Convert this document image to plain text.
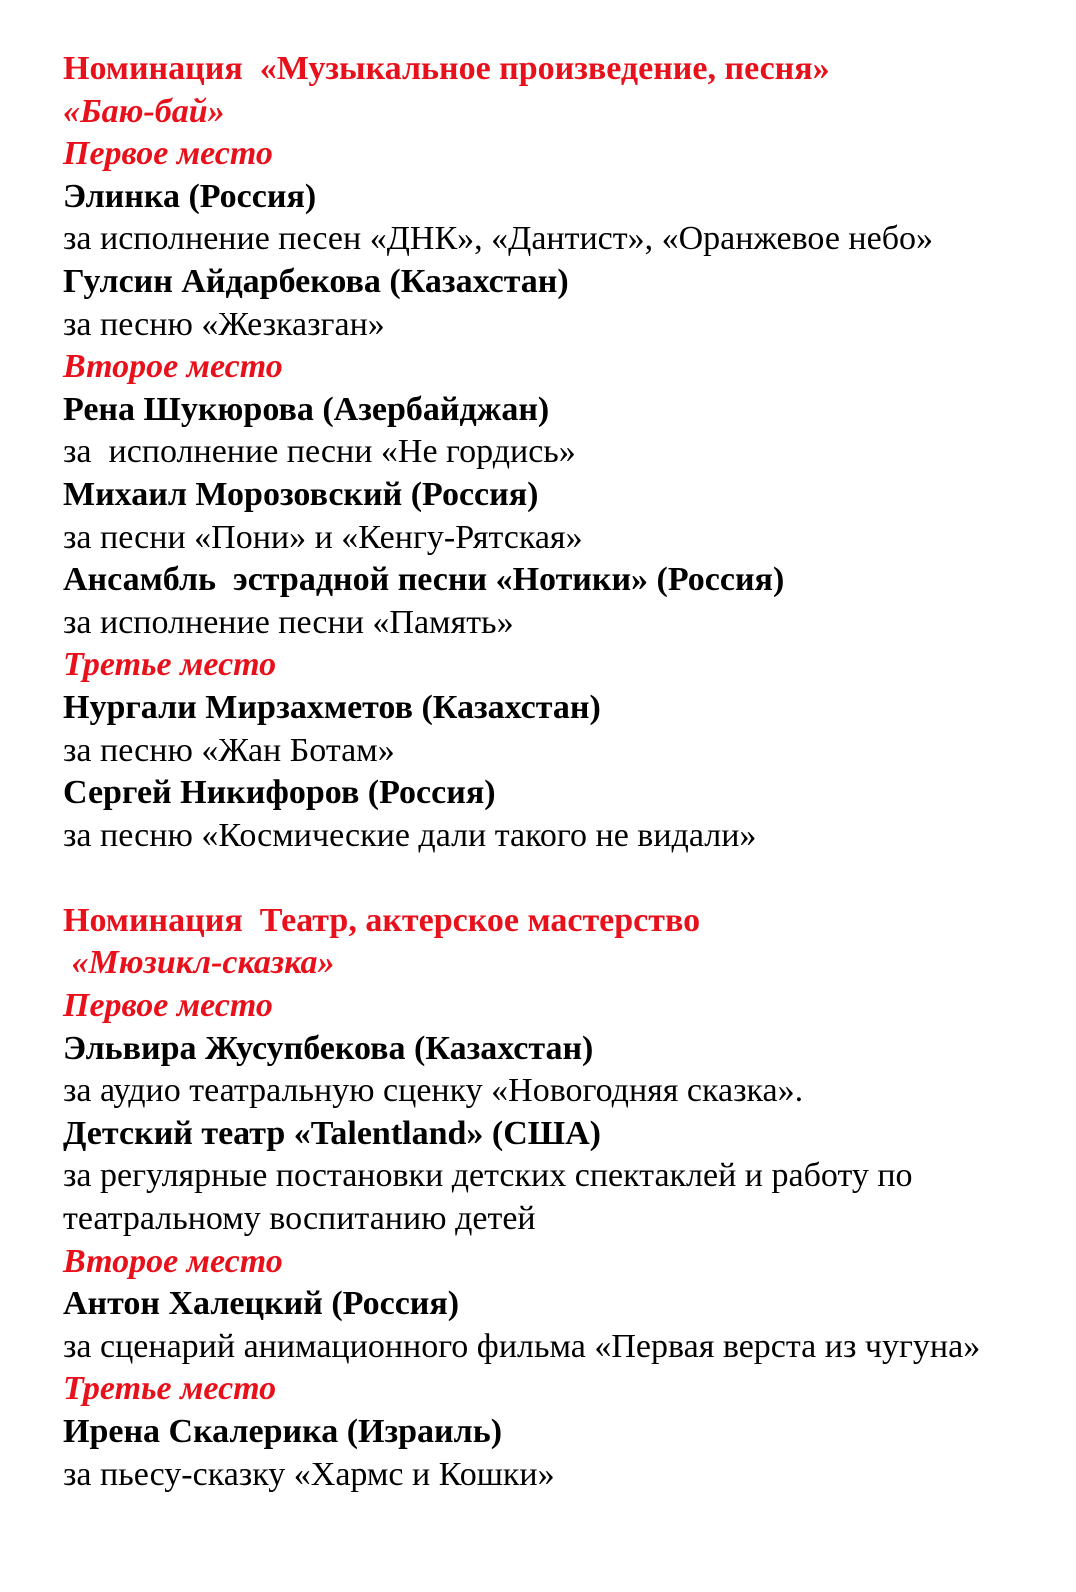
Номинация  «Музыкальное произведение, песня»
«Баю-бай»
Первое место
Элинка (Россия)
за исполнение песен «ДНК», «Дантист», «Оранжевое небо»
Гулсин Айдарбекова (Казахстан)
за песню «Жезказган»
Второе место
Рена Шукюрова (Азербайджан)
за  исполнение песни «Не гордись»
Михаил Морозовский (Россия)
за песни «Пони» и «Кенгу-Рятская»
Ансамбль  эстрадной песни «Нотики» (Россия)
за исполнение песни «Память»
Третье место
Нургали Мирзахметов (Казахстан)
за песню «Жан Ботам»
Сергей Никифоров (Россия)
за песню «Космические дали такого не видали»
Номинация  Театр, актерское мастерство
«Мюзикл-сказка»
Первое место
Эльвира Жусупбекова (Казахстан)
за аудио театральную сценку «Новогодняя сказка».
Детский театр «Talentland» (США)
за регулярные постановки детских спектаклей и работу по театральному воспитанию детей
Второе место
Антон Халецкий (Россия)
за сценарий анимационного фильма «Первая верста из чугуна»
Третье место
Ирена Скалерика (Израиль)
за пьесу-сказку «Хармс и Кошки»
